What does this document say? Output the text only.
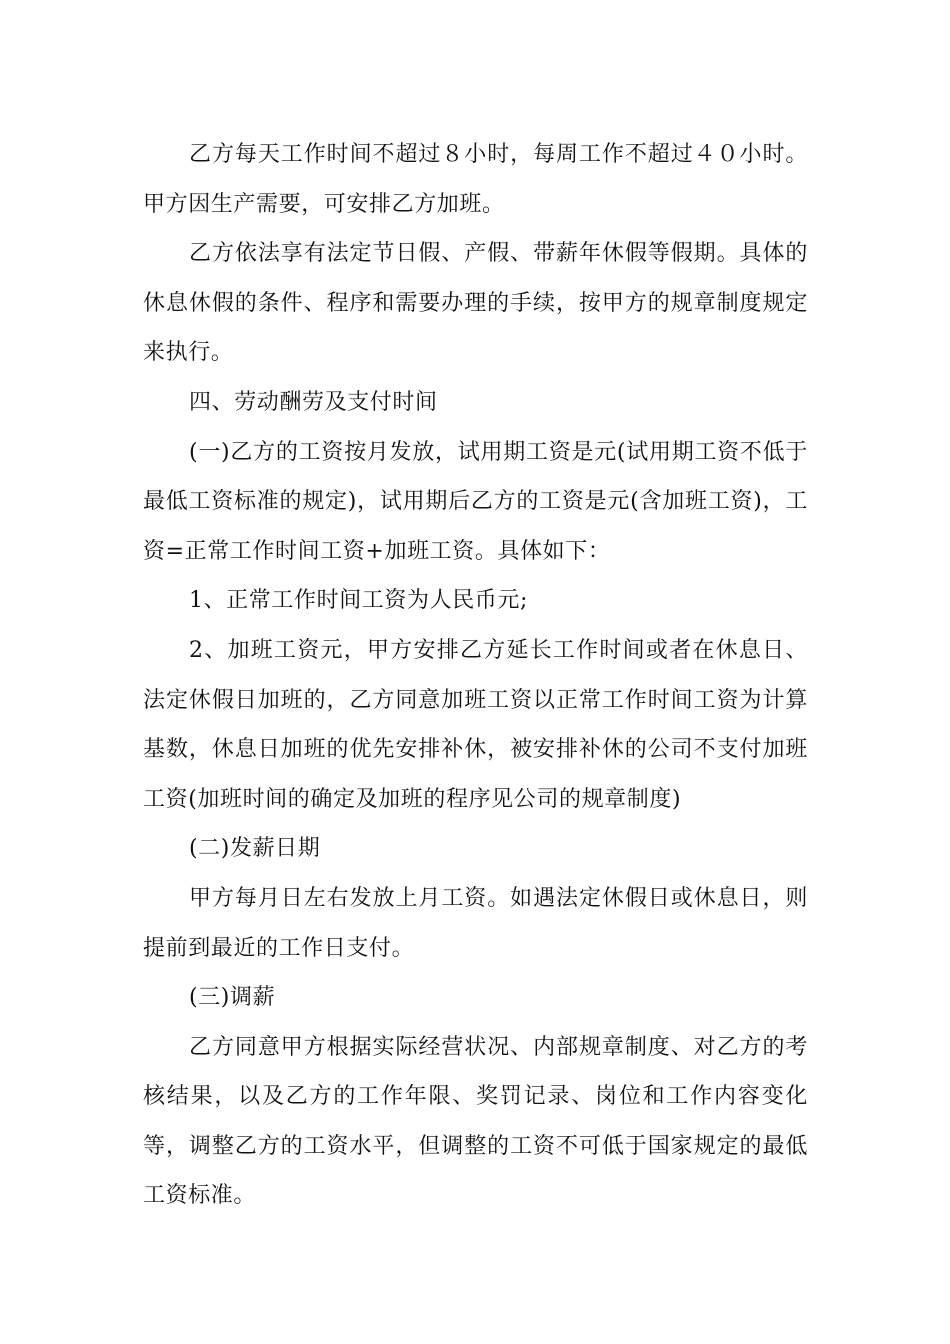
乙方每天工作时间不超过８小时，每周工作不超过４０小时。甲方因生产需要，可安排乙方加班。

乙方依法享有法定节日假、产假、带薪年休假等假期。具体的休息休假的条件、程序和需要办理的手续，按甲方的规章制度规定来执行。

四、劳动酬劳及支付时间

(一)乙方的工资按月发放，试用期工资是元(试用期工资不低于最低工资标准的规定)，试用期后乙方的工资是元(含加班工资)，工资=正常工作时间工资+加班工资。具体如下：

1、正常工作时间工资为人民币元;

2、加班工资元，甲方安排乙方延长工作时间或者在休息日、法定休假日加班的，乙方同意加班工资以正常工作时间工资为计算基数，休息日加班的优先安排补休，被安排补休的公司不支付加班工资(加班时间的确定及加班的程序见公司的规章制度)

(二)发薪日期

甲方每月日左右发放上月工资。如遇法定休假日或休息日，则提前到最近的工作日支付。

(三)调薪

乙方同意甲方根据实际经营状况、内部规章制度、对乙方的考核结果，以及乙方的工作年限、奖罚记录、岗位和工作内容变化等，调整乙方的工资水平，但调整的工资不可低于国家规定的最低工资标准。
